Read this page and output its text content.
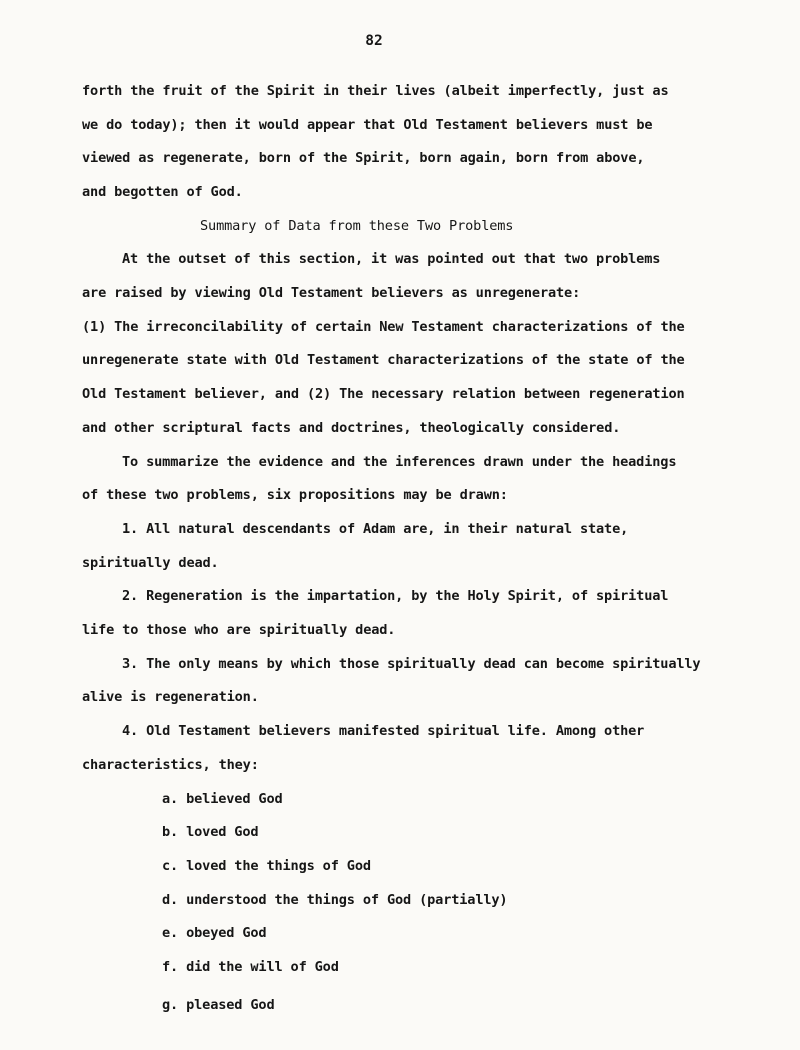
82
forth the fruit of the Spirit in their lives (albeit imperfectly, just as
we do today); then it would appear that Old Testament believers must be
viewed as regenerate, born of the Spirit, born again, born from above,
and begotten of God.
Summary of Data from these Two Problems
At the outset of this section, it was pointed out that two problems
are raised by viewing Old Testament believers as unregenerate:
(1) The irreconcilability of certain New Testament characterizations of the
unregenerate state with Old Testament characterizations of the state of the
Old Testament believer, and (2) The necessary relation between regeneration
and other scriptural facts and doctrines, theologically considered.
To summarize the evidence and the inferences drawn under the headings
of these two problems, six propositions may be drawn:
1. All natural descendants of Adam are, in their natural state,
spiritually dead.
2. Regeneration is the impartation, by the Holy Spirit, of spiritual
life to those who are spiritually dead.
3. The only means by which those spiritually dead can become spiritually
alive is regeneration.
4. Old Testament believers manifested spiritual life. Among other
characteristics, they:
a. believed God
b. loved God
c. loved the things of God
d. understood the things of God (partially)
e. obeyed God
f. did the will of God
g. pleased God
